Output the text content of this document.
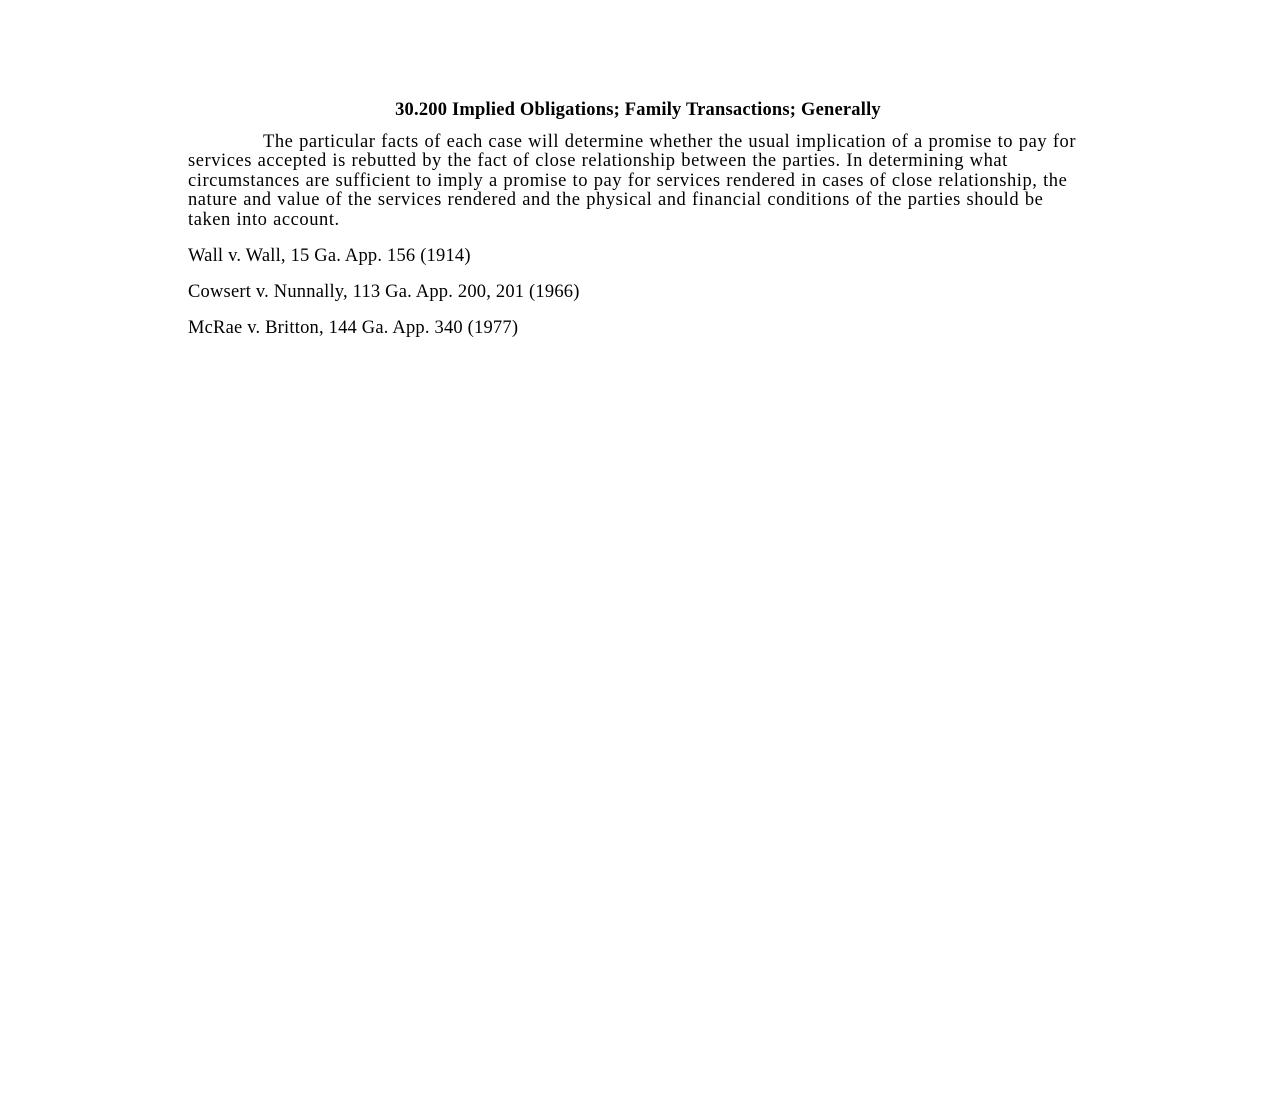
30.200 Implied Obligations; Family Transactions; Generally

The particular facts of each case will determine whether the usual implication of a promise to pay for services accepted is rebutted by the fact of close relationship between the parties. In determining what circumstances are sufficient to imply a promise to pay for services rendered in cases of close relationship, the nature and value of the services rendered and the physical and financial conditions of the parties should be taken into account.

Wall v. Wall, 15 Ga. App. 156 (1914)
Cowsert v. Nunnally, 113 Ga. App. 200, 201 (1966)
McRae v. Britton, 144 Ga. App. 340 (1977)
